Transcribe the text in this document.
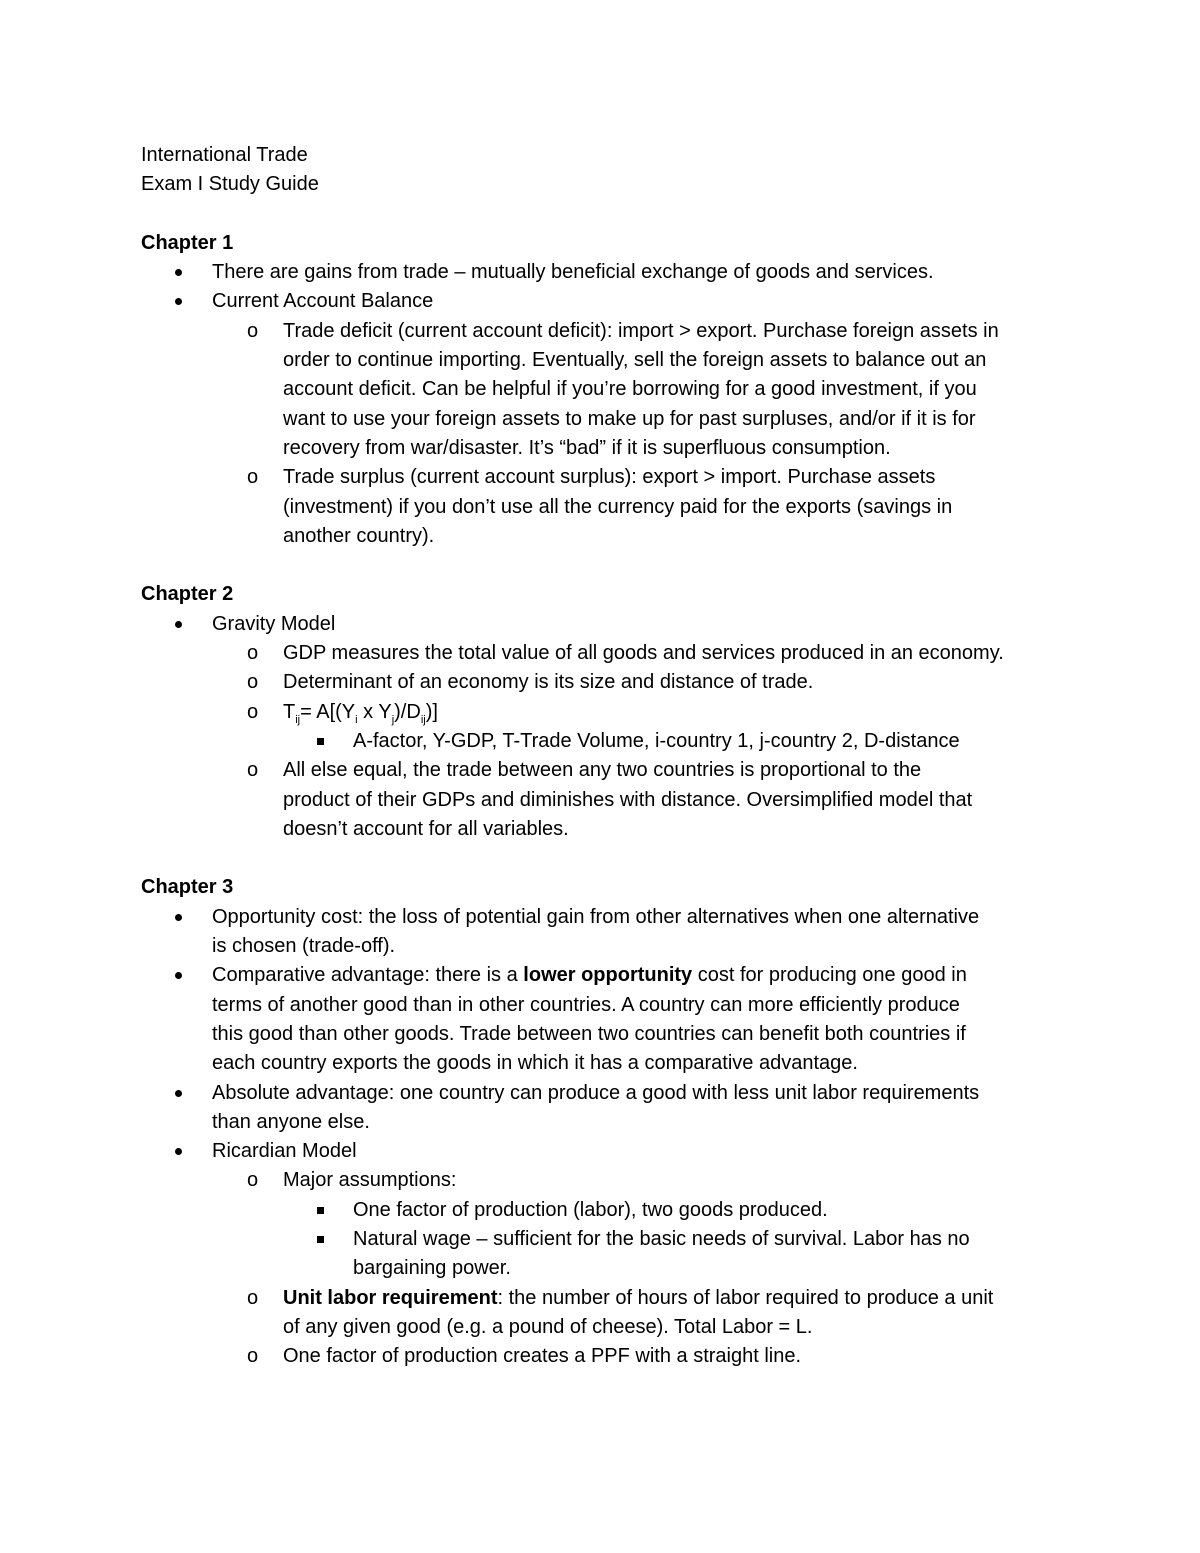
International Trade

Exam I Study Guide

Chapter 1

There are gains from trade – mutually beneficial exchange of goods and services.

Current Account Balance

o Trade deficit (current account deficit): import > export. Purchase foreign assets in

order to continue importing. Eventually, sell the foreign assets to balance out an

account deficit. Can be helpful if you’re borrowing for a good investment, if you

want to use your foreign assets to make up for past surpluses, and/or if it is for

recovery from war/disaster. It’s “bad” if it is superfluous consumption.

o Trade surplus (current account surplus): export > import. Purchase assets

(investment) if you don’t use all the currency paid for the exports (savings in

another country).

Chapter 2

Gravity Model

o GDP measures the total value of all goods and services produced in an economy.

o Determinant of an economy is its size and distance of trade.

o $T_{ij}= A[(Y_i$ x $Y_j)/D_{ij}$)]

A-factor, Y-GDP, T-Trade Volume, i-country 1, j-country 2, D-distance

o All else equal, the trade between any two countries is proportional to the

product of their GDPs and diminishes with distance. Oversimplified model that

doesn’t account for all variables.

Chapter 3

Opportunity cost: the loss of potential gain from other alternatives when one alternative

is chosen (trade-off).

Comparative advantage: there is a lower opportunity cost for producing one good in

terms of another good than in other countries. A country can more efficiently produce

this good than other goods. Trade between two countries can benefit both countries if

each country exports the goods in which it has a comparative advantage.

Absolute advantage: one country can produce a good with less unit labor requirements

than anyone else.

Ricardian Model

o Major assumptions:

One factor of production (labor), two goods produced.

Natural wage – sufficient for the basic needs of survival. Labor has no

bargaining power.

o Unit labor requirement: the number of hours of labor required to produce a unit

of any given good (e.g. a pound of cheese). Total Labor = L.

o One factor of production creates a PPF with a straight line.
